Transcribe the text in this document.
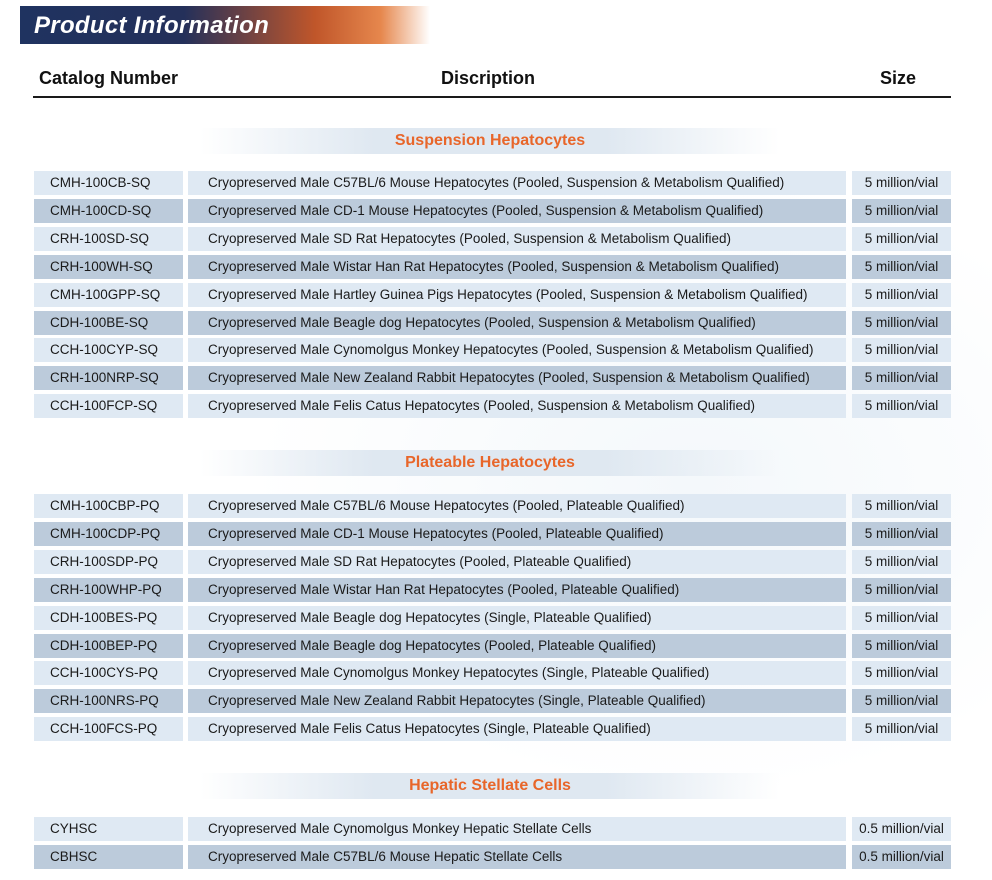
Product Information
Catalog Number	Discription	Size
Suspension Hepatocytes
CMH-100CB-SQ	Cryopreserved Male C57BL/6 Mouse Hepatocytes (Pooled, Suspension & Metabolism Qualified)	5 million/vial
CMH-100CD-SQ	Cryopreserved Male CD-1 Mouse Hepatocytes (Pooled, Suspension & Metabolism Qualified)	5 million/vial
CRH-100SD-SQ	Cryopreserved Male SD Rat Hepatocytes (Pooled, Suspension & Metabolism Qualified)	5 million/vial
CRH-100WH-SQ	Cryopreserved Male Wistar Han Rat Hepatocytes (Pooled, Suspension & Metabolism Qualified)	5 million/vial
CMH-100GPP-SQ	Cryopreserved Male Hartley Guinea Pigs Hepatocytes (Pooled, Suspension & Metabolism Qualified)	5 million/vial
CDH-100BE-SQ	Cryopreserved Male Beagle dog Hepatocytes (Pooled, Suspension & Metabolism Qualified)	5 million/vial
CCH-100CYP-SQ	Cryopreserved Male Cynomolgus Monkey Hepatocytes (Pooled, Suspension & Metabolism Qualified)	5 million/vial
CRH-100NRP-SQ	Cryopreserved Male New Zealand Rabbit Hepatocytes (Pooled, Suspension & Metabolism Qualified)	5 million/vial
CCH-100FCP-SQ	Cryopreserved Male Felis Catus Hepatocytes (Pooled, Suspension & Metabolism Qualified)	5 million/vial
Plateable Hepatocytes
CMH-100CBP-PQ	Cryopreserved Male C57BL/6 Mouse Hepatocytes (Pooled, Plateable Qualified)	5 million/vial
CMH-100CDP-PQ	Cryopreserved Male CD-1 Mouse Hepatocytes (Pooled, Plateable Qualified)	5 million/vial
CRH-100SDP-PQ	Cryopreserved Male SD Rat Hepatocytes (Pooled, Plateable Qualified)	5 million/vial
CRH-100WHP-PQ	Cryopreserved Male Wistar Han Rat Hepatocytes (Pooled, Plateable Qualified)	5 million/vial
CDH-100BES-PQ	Cryopreserved Male Beagle dog Hepatocytes (Single, Plateable Qualified)	5 million/vial
CDH-100BEP-PQ	Cryopreserved Male Beagle dog Hepatocytes (Pooled, Plateable Qualified)	5 million/vial
CCH-100CYS-PQ	Cryopreserved Male Cynomolgus Monkey Hepatocytes (Single, Plateable Qualified)	5 million/vial
CRH-100NRS-PQ	Cryopreserved Male New Zealand Rabbit Hepatocytes (Single, Plateable Qualified)	5 million/vial
CCH-100FCS-PQ	Cryopreserved Male Felis Catus Hepatocytes (Single, Plateable Qualified)	5 million/vial
Hepatic Stellate Cells
CYHSC	Cryopreserved Male Cynomolgus Monkey Hepatic Stellate Cells	0.5 million/vial
CBHSC	Cryopreserved Male C57BL/6 Mouse Hepatic Stellate Cells	0.5 million/vial
